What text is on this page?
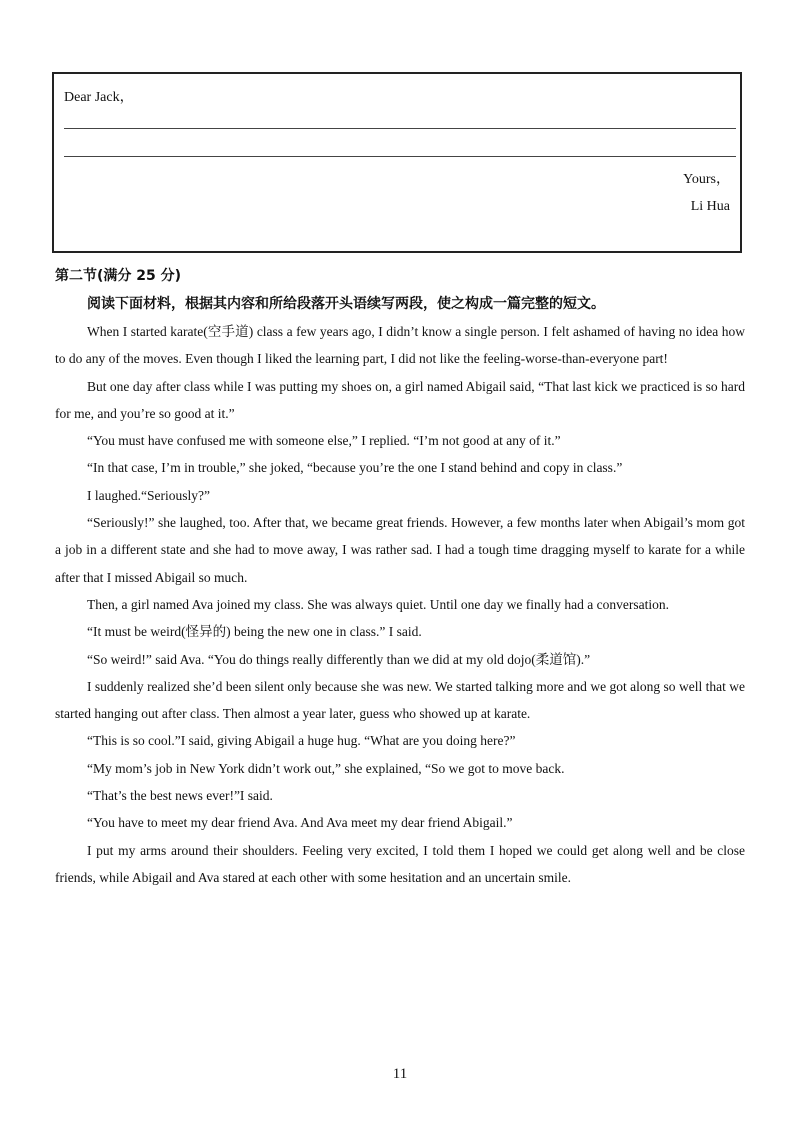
Dear Jack，
Yours，
Li Hua
第二节(满分 25 分)
阅读下面材料，根据其内容和所给段落开头语续写两段，使之构成一篇完整的短文。

When I started karate(空手道) class a few years ago, I didn’t know a single person. I felt ashamed of having no idea how to do any of the moves. Even though I liked the learning part, I did not like the feeling-worse-than-everyone part!

But one day after class while I was putting my shoes on, a girl named Abigail said, “That last kick we practiced is so hard for me, and you’re so good at it.”

“You must have confused me with someone else,” I replied. “I’m not good at any of it.”

“In that case, I’m in trouble,” she joked, “because you’re the one I stand behind and copy in class.”

I laughed.“Seriously?”

“Seriously!” she laughed, too. After that, we became great friends. However, a few months later when Abigail’s mom got a job in a different state and she had to move away, I was rather sad. I had a tough time dragging myself to karate for a while after that I missed Abigail so much.

Then, a girl named Ava joined my class. She was always quiet. Until one day we finally had a conversation.

“It must be weird(怪异的) being the new one in class.” I said.

“So weird!” said Ava. “You do things really differently than we did at my old dojo(柔道馆).”

I suddenly realized she’d been silent only because she was new. We started talking more and we got along so well that we started hanging out after class. Then almost a year later, guess who showed up at karate.

“This is so cool.”I said, giving Abigail a huge hug. “What are you doing here?”

“My mom’s job in New York didn’t work out,” she explained, “So we got to move back.

“That’s the best news ever!”I said.

“You have to meet my dear friend Ava. And Ava meet my dear friend Abigail.”

I put my arms around their shoulders. Feeling very excited, I told them I hoped we could get along well and be close friends, while Abigail and Ava stared at each other with some hesitation and an uncertain smile.

11
